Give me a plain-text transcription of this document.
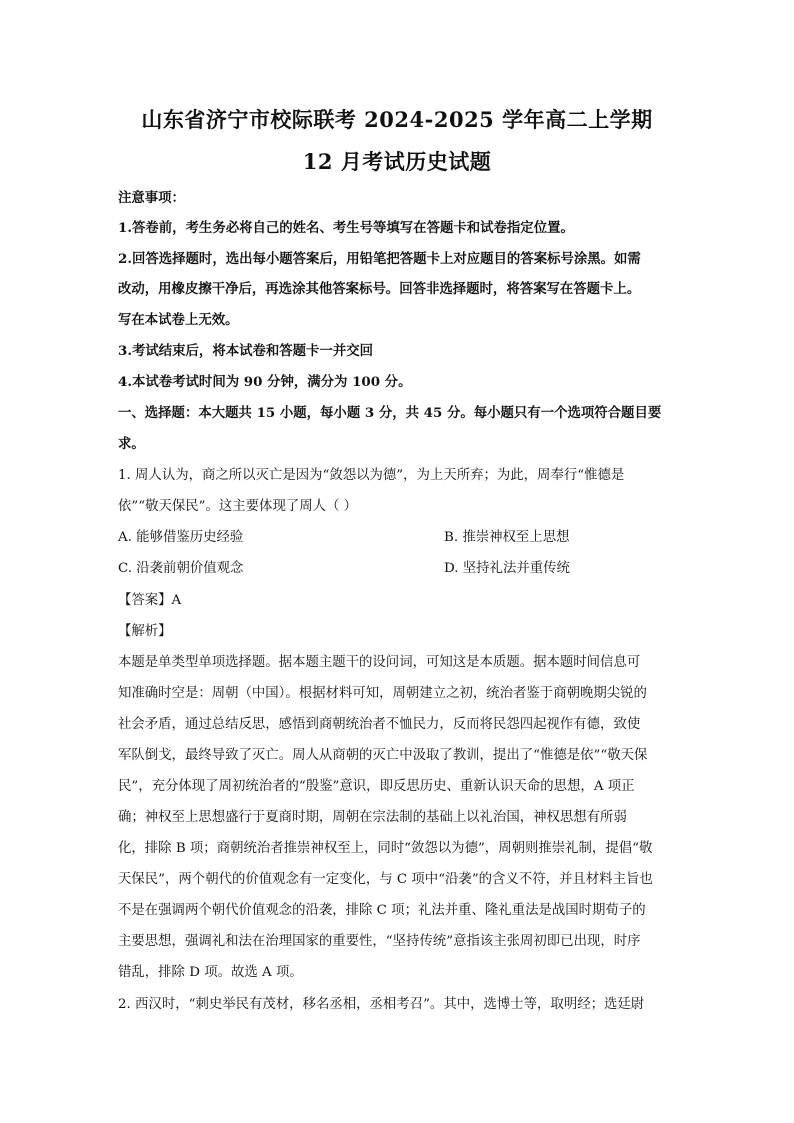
山东省济宁市校际联考 2024-2025 学年高二上学期
12 月考试历史试题
注意事项：
1.答卷前，考生务必将自己的姓名、考生号等填写在答题卡和试卷指定位置。
2.回答选择题时，选出每小题答案后，用铅笔把答题卡上对应题目的答案标号涂黑。如需
改动，用橡皮擦干净后，再选涂其他答案标号。回答非选择题时，将答案写在答题卡上。
写在本试卷上无效。
3.考试结束后，将本试卷和答题卡一并交回
4.本试卷考试时间为 90 分钟，满分为 100 分。
一、选择题：本大题共 15 小题，每小题 3 分，共 45 分。每小题只有一个选项符合题目要
求。
1. 周人认为，商之所以灭亡是因为“敛怨以为德”，为上天所弃；为此，周奉行“惟德是
依”“敬天保民”。这主要体现了周人（ ）
A. 能够借鉴历史经验	B. 推崇神权至上思想
C. 沿袭前朝价值观念	D. 坚持礼法并重传统
【答案】A
【解析】
本题是单类型单项选择题。据本题主题干的设问词，可知这是本质题。据本题时间信息可
知准确时空是：周朝（中国）。根据材料可知，周朝建立之初，统治者鉴于商朝晚期尖锐的
社会矛盾，通过总结反思，感悟到商朝统治者不恤民力，反而将民怨四起视作有德，致使
军队倒戈，最终导致了灭亡。周人从商朝的灭亡中汲取了教训，提出了“惟德是依”“敬天保
民”，充分体现了周初统治者的“殷鉴”意识，即反思历史、重新认识天命的思想，A 项正
确；神权至上思想盛行于夏商时期，周朝在宗法制的基础上以礼治国，神权思想有所弱
化，排除 B 项；商朝统治者推崇神权至上，同时“敛怨以为德”，周朝则推崇礼制，提倡“敬
天保民”，两个朝代的价值观念有一定变化，与 C 项中“沿袭”的含义不符，并且材料主旨也
不是在强调两个朝代价值观念的沿袭，排除 C 项；礼法并重、隆礼重法是战国时期荀子的
主要思想，强调礼和法在治理国家的重要性，“坚持传统”意指该主张周初即已出现，时序
错乱，排除 D 项。故选 A 项。
2. 西汉时，“刺史举民有茂材，移名丞相，丞相考召”。其中，选博士等，取明经；选廷尉
